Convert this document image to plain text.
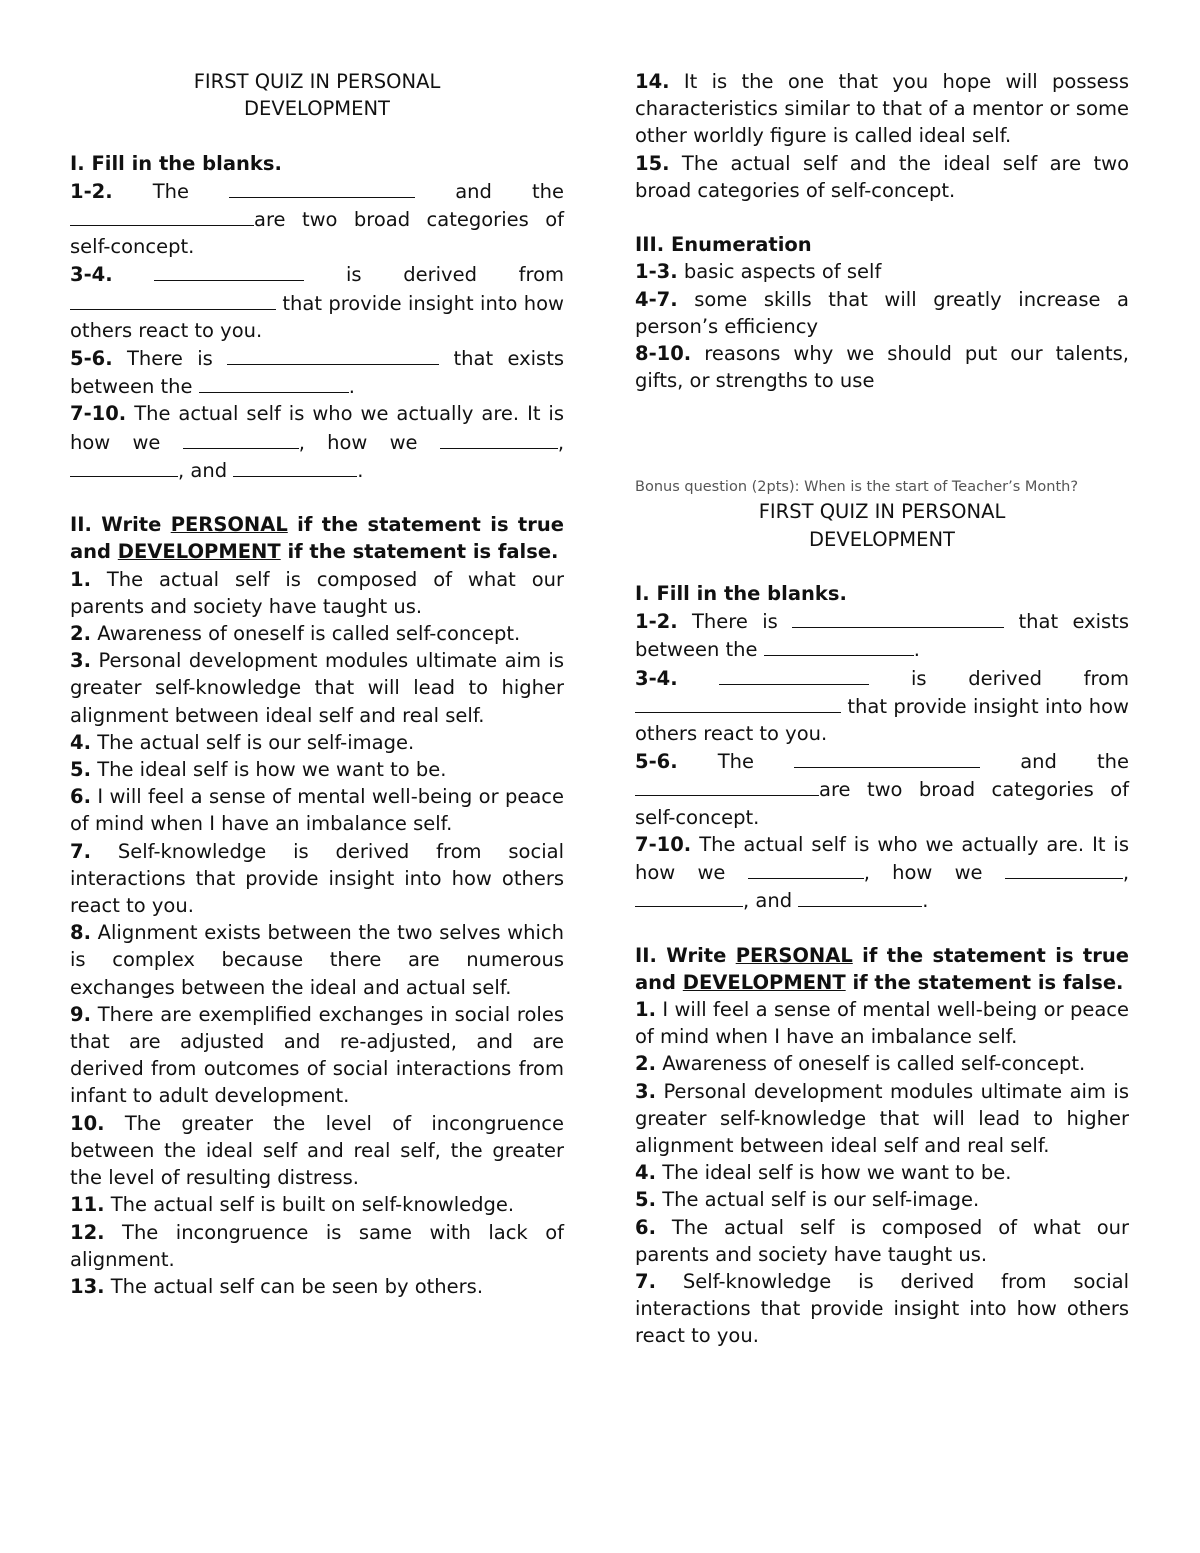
FIRST QUIZ IN PERSONAL
DEVELOPMENT

I. Fill in the blanks.

1-2. The	and the are two broad categories of self-concept.

3-4.	is derived from  that provide insight into how others react to you.

5-6. There is	that exists between the	.

7-10. The actual self is who we actually are. It is how we	, how we	, , and	.

II. Write PERSONAL if the statement is true and DEVELOPMENT if the statement is false.

1. The actual self is composed of what our parents and society have taught us.

2. Awareness of oneself is called self-concept.

3. Personal development modules ultimate aim is greater self-knowledge that will lead to higher alignment between ideal self and real self.

4. The actual self is our self-image.

5. The ideal self is how we want to be.

6. I will feel a sense of mental well-being or peace of mind when I have an imbalance self.

7. Self-knowledge is derived from social interactions that provide insight into how others react to you.

8. Alignment exists between the two selves which is complex because there are numerous exchanges between the ideal and actual self.

9. There are exemplified exchanges in social roles that are adjusted and re-adjusted, and are derived from outcomes of social interactions from infant to adult development.

10. The greater the level of incongruence between the ideal self and real self, the greater the level of resulting distress.

11. The actual self is built on self-knowledge.

12. The incongruence is same with lack of alignment.

13. The actual self can be seen by others.

14. It is the one that you hope will possess characteristics similar to that of a mentor or some other worldly figure is called ideal self.

15. The actual self and the ideal self are two broad categories of self-concept.

III. Enumeration

1-3. basic aspects of self

4-7. some skills that will greatly increase a person’s efficiency

8-10. reasons why we should put our talents, gifts, or strengths to use

Bonus question (2pts): When is the start of Teacher’s Month?
FIRST QUIZ IN PERSONAL
DEVELOPMENT

I. Fill in the blanks.

1-2. There is	that exists between the	.

3-4.	is derived from  that provide insight into how others react to you.

5-6. The	and the are two broad categories of self-concept.

7-10. The actual self is who we actually are. It is how we	, how we	, , and	.

II. Write PERSONAL if the statement is true and DEVELOPMENT if the statement is false.

1. I will feel a sense of mental well-being or peace of mind when I have an imbalance self.

2. Awareness of oneself is called self-concept.

3. Personal development modules ultimate aim is greater self-knowledge that will lead to higher alignment between ideal self and real self.

4. The ideal self is how we want to be.

5. The actual self is our self-image.

6. The actual self is composed of what our parents and society have taught us.

7. Self-knowledge is derived from social interactions that provide insight into how others react to you.
